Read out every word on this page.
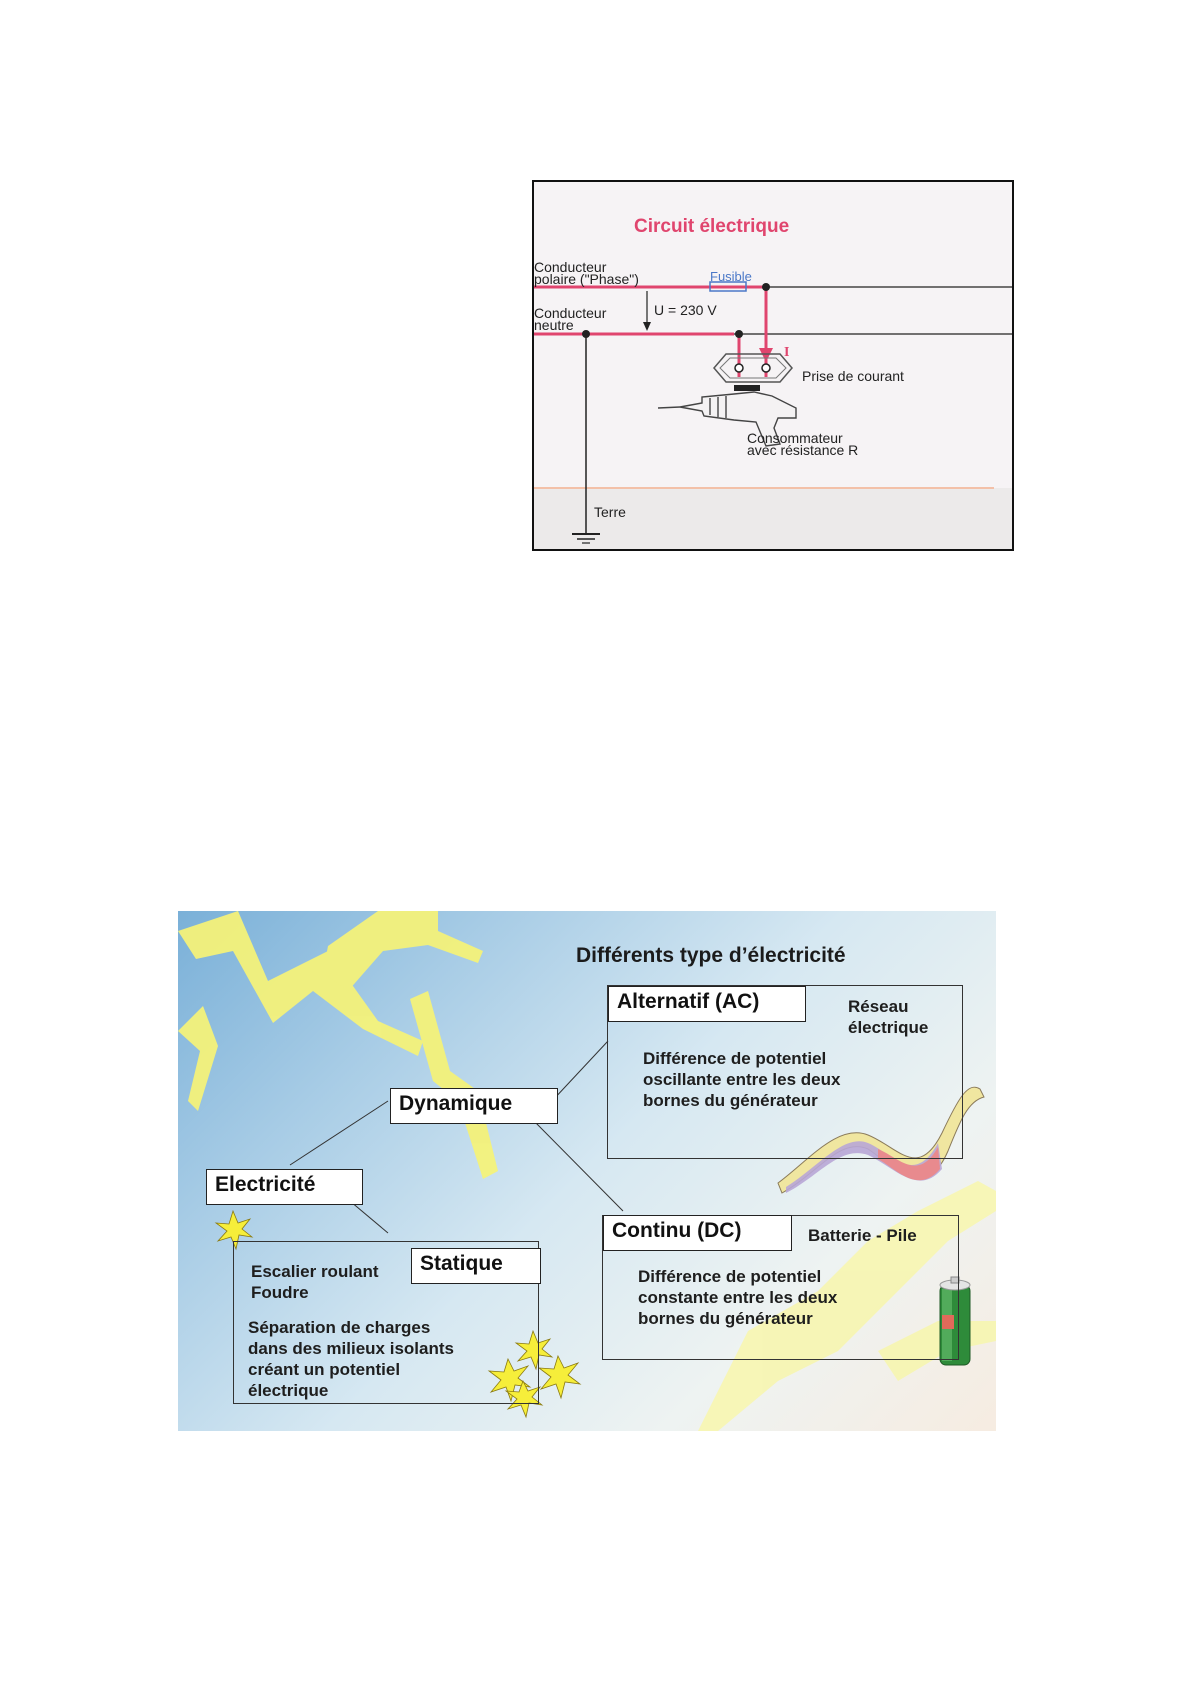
Circuit électrique
Conducteur
polaire ("Phase")	Fusible
Conducteur
neutre
U = 230 V
I
Prise de courant
Consommateur
avec résistance R
Terre
Différents type d’électricité
Electricité
Dynamique
Statique
Alternatif (AC)
Continu (DC)
Réseau
électrique
Différence de potentiel
oscillante entre les deux
bornes du générateur
Batterie - Pile
Différence de potentiel
constante entre les deux
bornes du générateur
Escalier roulant
Foudre
Séparation de charges
dans des milieux isolants
créant un potentiel
électrique
